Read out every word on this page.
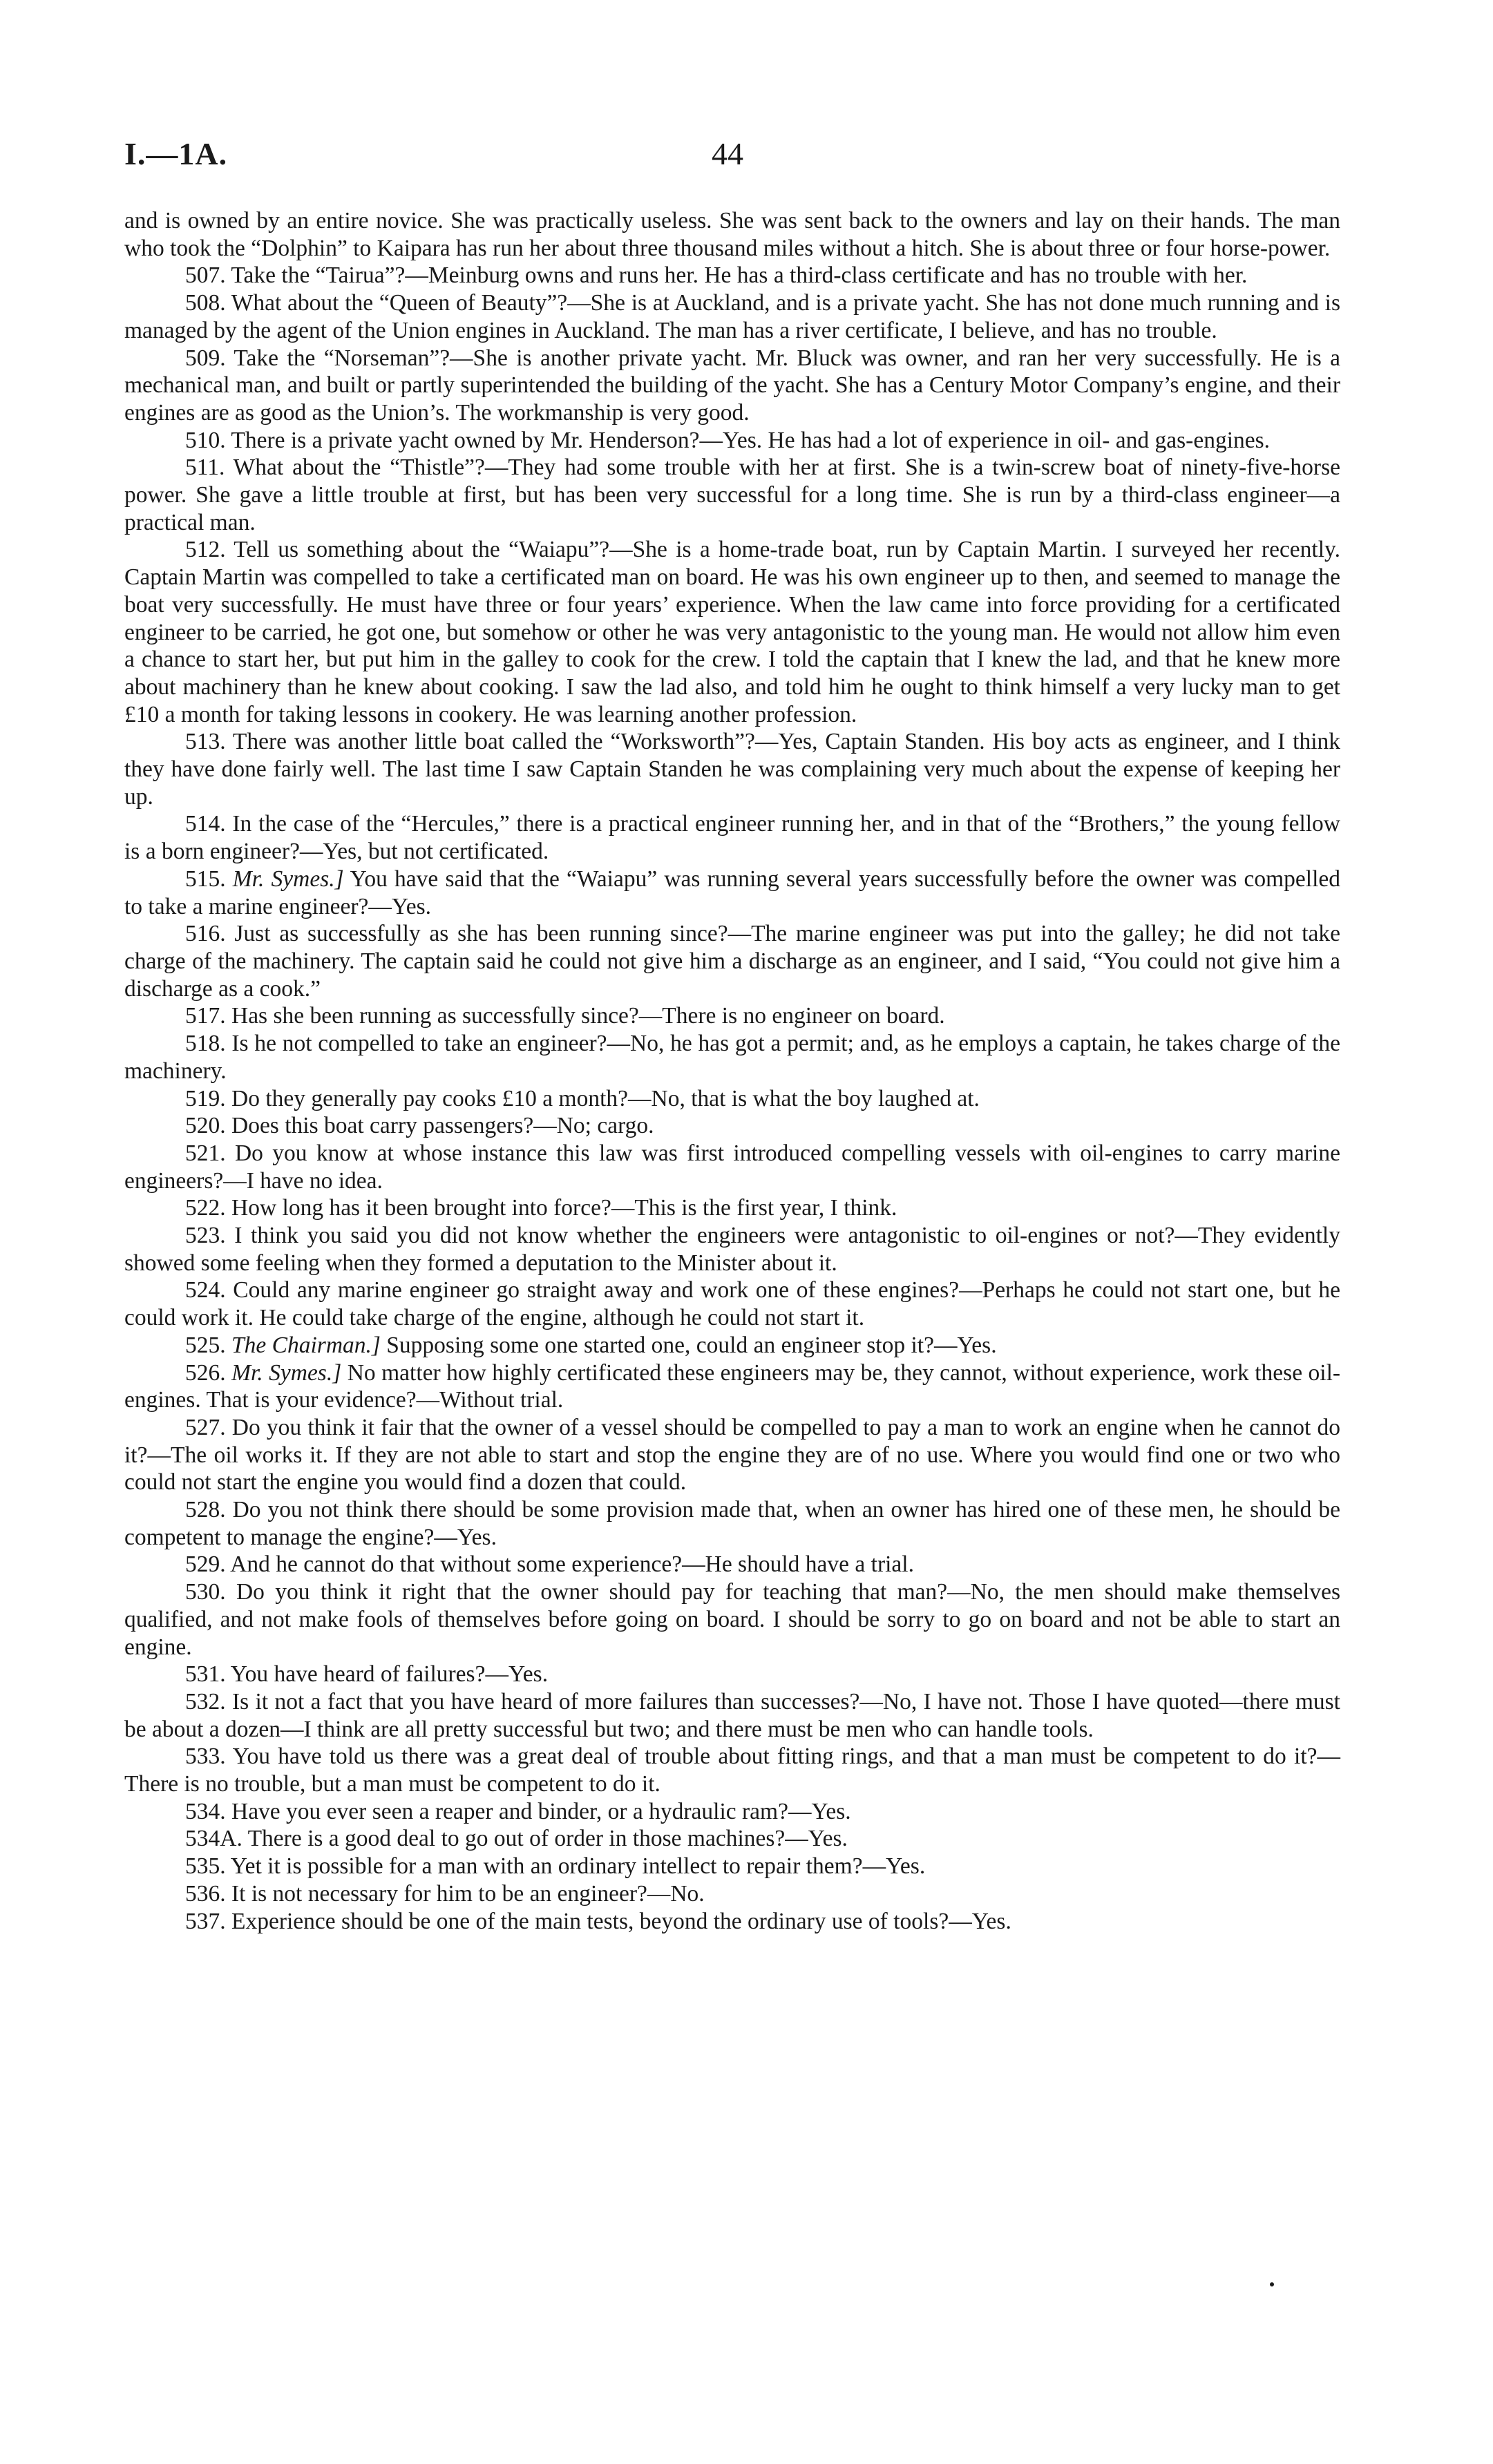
I.—1A.	44

and is owned by an entire novice. She was practically useless. She was sent back to the owners and lay on their hands. The man who took the “Dolphin” to Kaipara has run her about three thousand miles without a hitch. She is about three or four horse-power.

507. Take the “Tairua”?—Meinburg owns and runs her. He has a third-class certificate and has no trouble with her.

508. What about the “Queen of Beauty”?—She is at Auckland, and is a private yacht. She has not done much running and is managed by the agent of the Union engines in Auckland. The man has a river certificate, I believe, and has no trouble.

509. Take the “Norseman”?—She is another private yacht. Mr. Bluck was owner, and ran her very successfully. He is a mechanical man, and built or partly superintended the building of the yacht. She has a Century Motor Company’s engine, and their engines are as good as the Union’s. The workmanship is very good.

510. There is a private yacht owned by Mr. Henderson?—Yes. He has had a lot of experience in oil- and gas-engines.

511. What about the “Thistle”?—They had some trouble with her at first. She is a twin-screw boat of ninety-five-horse power. She gave a little trouble at first, but has been very successful for a long time. She is run by a third-class engineer—a practical man.

512. Tell us something about the “Waiapu”?—She is a home-trade boat, run by Captain Martin. I surveyed her recently. Captain Martin was compelled to take a certificated man on board. He was his own engineer up to then, and seemed to manage the boat very successfully. He must have three or four years’ experience. When the law came into force providing for a certificated engineer to be carried, he got one, but somehow or other he was very antagonistic to the young man. He would not allow him even a chance to start her, but put him in the galley to cook for the crew. I told the captain that I knew the lad, and that he knew more about machinery than he knew about cooking. I saw the lad also, and told him he ought to think himself a very lucky man to get £10 a month for taking lessons in cookery. He was learning another profession.

513. There was another little boat called the “Worksworth”?—Yes, Captain Standen. His boy acts as engineer, and I think they have done fairly well. The last time I saw Captain Standen he was complaining very much about the expense of keeping her up.

514. In the case of the “Hercules,” there is a practical engineer running her, and in that of the “Brothers,” the young fellow is a born engineer?—Yes, but not certificated.

515. Mr. Symes.] You have said that the “Waiapu” was running several years successfully before the owner was compelled to take a marine engineer?—Yes.

516. Just as successfully as she has been running since?—The marine engineer was put into the galley; he did not take charge of the machinery. The captain said he could not give him a discharge as an engineer, and I said, “You could not give him a discharge as a cook.”

517. Has she been running as successfully since?—There is no engineer on board.

518. Is he not compelled to take an engineer?—No, he has got a permit; and, as he employs a captain, he takes charge of the machinery.

519. Do they generally pay cooks £10 a month?—No, that is what the boy laughed at.

520. Does this boat carry passengers?—No; cargo.

521. Do you know at whose instance this law was first introduced compelling vessels with oil-engines to carry marine engineers?—I have no idea.

522. How long has it been brought into force?—This is the first year, I think.

523. I think you said you did not know whether the engineers were antagonistic to oil-engines or not?—They evidently showed some feeling when they formed a deputation to the Minister about it.

524. Could any marine engineer go straight away and work one of these engines?—Perhaps he could not start one, but he could work it. He could take charge of the engine, although he could not start it.

525. The Chairman.] Supposing some one started one, could an engineer stop it?—Yes.

526. Mr. Symes.] No matter how highly certificated these engineers may be, they cannot, without experience, work these oil-engines. That is your evidence?—Without trial.

527. Do you think it fair that the owner of a vessel should be compelled to pay a man to work an engine when he cannot do it?—The oil works it. If they are not able to start and stop the engine they are of no use. Where you would find one or two who could not start the engine you would find a dozen that could.

528. Do you not think there should be some provision made that, when an owner has hired one of these men, he should be competent to manage the engine?—Yes.

529. And he cannot do that without some experience?—He should have a trial.

530. Do you think it right that the owner should pay for teaching that man?—No, the men should make themselves qualified, and not make fools of themselves before going on board. I should be sorry to go on board and not be able to start an engine.

531. You have heard of failures?—Yes.

532. Is it not a fact that you have heard of more failures than successes?—No, I have not. Those I have quoted—there must be about a dozen—I think are all pretty successful but two; and there must be men who can handle tools.

533. You have told us there was a great deal of trouble about fitting rings, and that a man must be competent to do it?—There is no trouble, but a man must be competent to do it.

534. Have you ever seen a reaper and binder, or a hydraulic ram?—Yes.

534A. There is a good deal to go out of order in those machines?—Yes.

535. Yet it is possible for a man with an ordinary intellect to repair them?—Yes.

536. It is not necessary for him to be an engineer?—No.

537. Experience should be one of the main tests, beyond the ordinary use of tools?—Yes.
